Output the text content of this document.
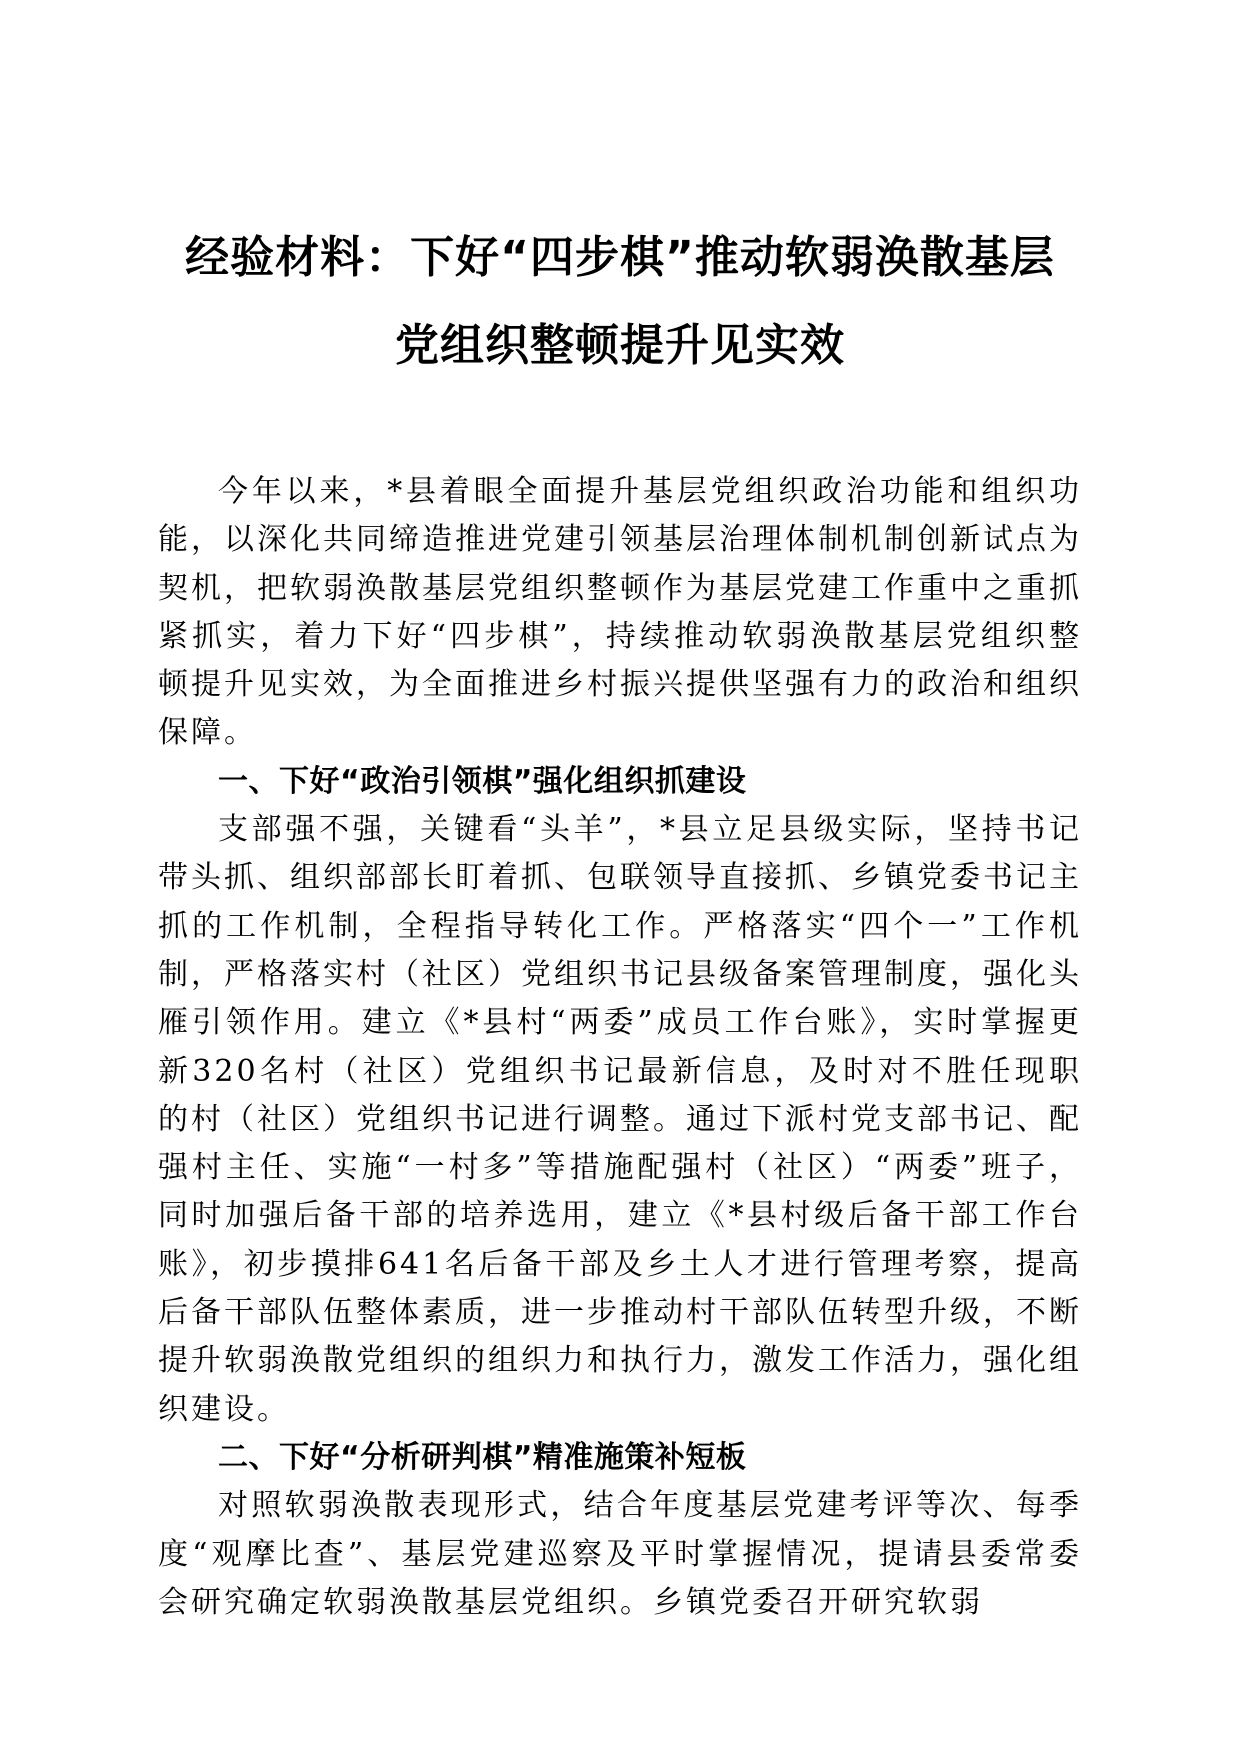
经验材料：下好“四步棋”推动软弱涣散基层
党组织整顿提升见实效

今年以来，*县着眼全面提升基层党组织政治功能和组织功能，以深化共同缔造推进党建引领基层治理体制机制创新试点为契机，把软弱涣散基层党组织整顿作为基层党建工作重中之重抓紧抓实，着力下好“四步棋”，持续推动软弱涣散基层党组织整顿提升见实效，为全面推进乡村振兴提供坚强有力的政治和组织保障。

一、下好“政治引领棋”强化组织抓建设

支部强不强，关键看“头羊”，*县立足县级实际，坚持书记带头抓、组织部部长盯着抓、包联领导直接抓、乡镇党委书记主抓的工作机制，全程指导转化工作。严格落实“四个一”工作机制，严格落实村（社区）党组织书记县级备案管理制度，强化头雁引领作用。建立《*县村“两委”成员工作台账》，实时掌握更新320名村（社区）党组织书记最新信息，及时对不胜任现职的村（社区）党组织书记进行调整。通过下派村党支部书记、配强村主任、实施“一村多”等措施配强村（社区）“两委”班子，同时加强后备干部的培养选用，建立《*县村级后备干部工作台账》，初步摸排641名后备干部及乡土人才进行管理考察，提高后备干部队伍整体素质，进一步推动村干部队伍转型升级，不断提升软弱涣散党组织的组织力和执行力，激发工作活力，强化组织建设。

二、下好“分析研判棋”精准施策补短板

对照软弱涣散表现形式，结合年度基层党建考评等次、每季度“观摩比查”、基层党建巡察及平时掌握情况，提请县委常委会研究确定软弱涣散基层党组织。乡镇党委召开研究软弱
